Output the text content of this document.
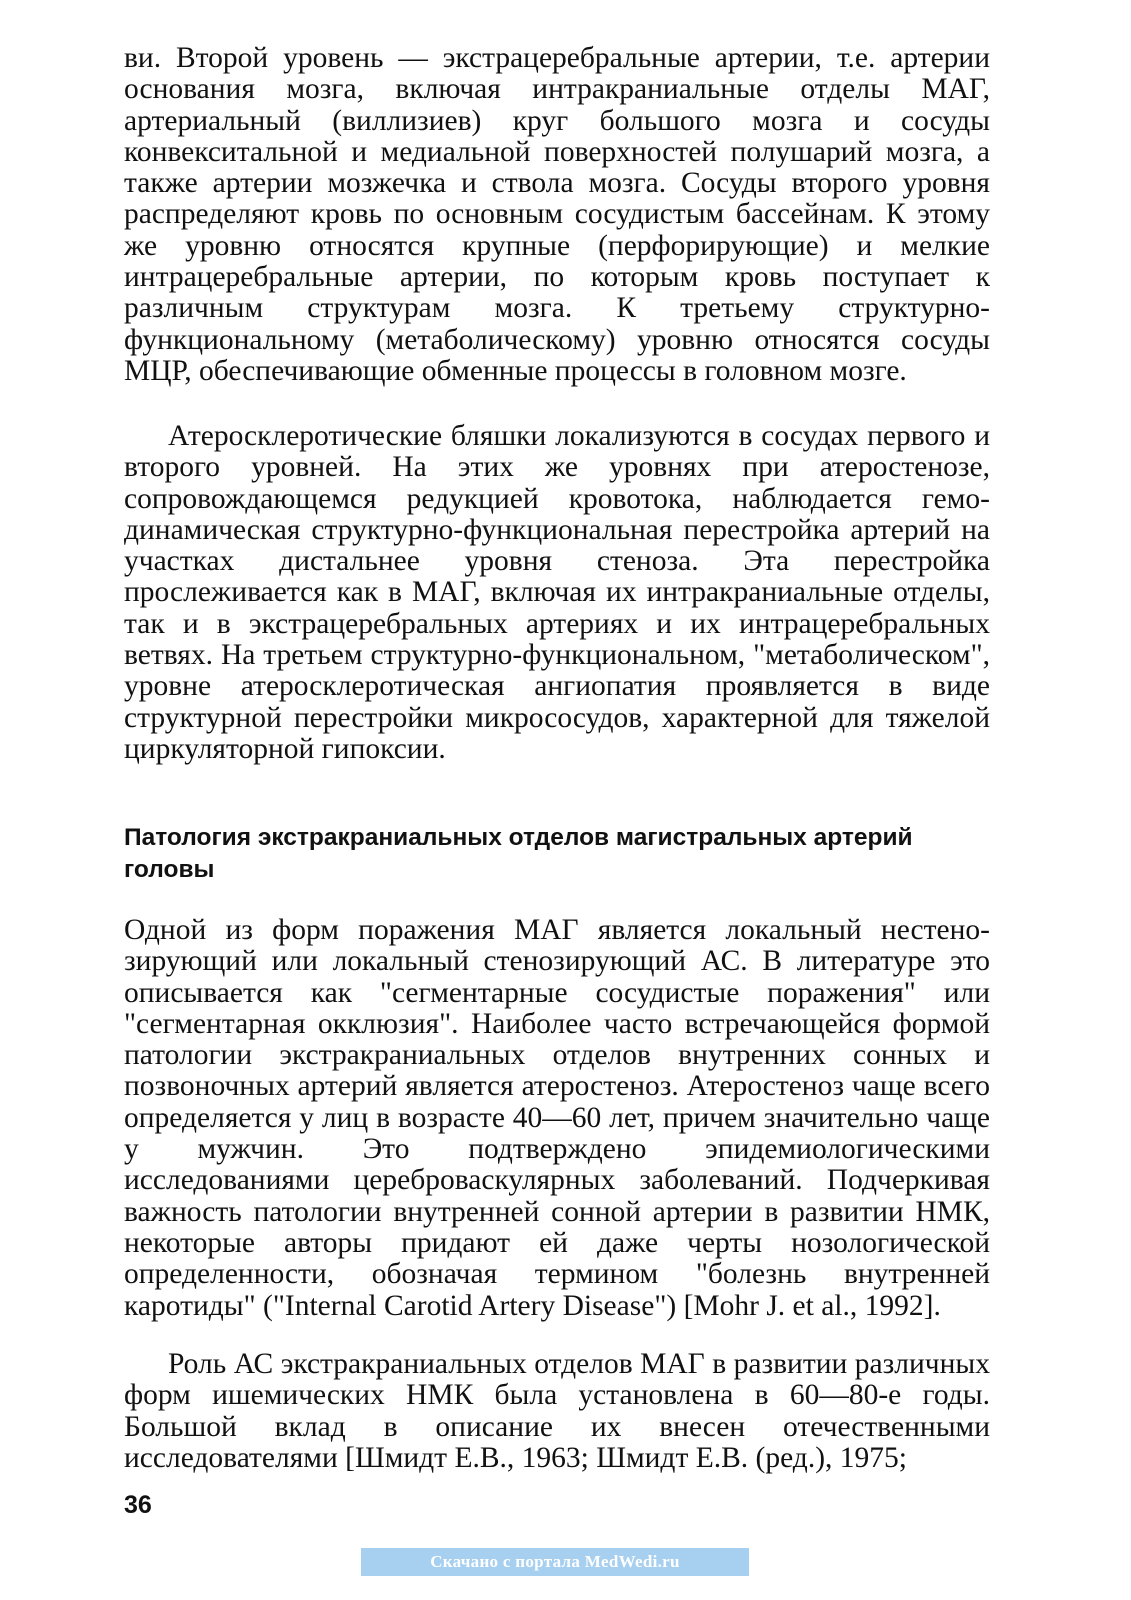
ви. Второй уровень — экстрацеребральные артерии, т.е. артерии основания мозга, включая интракраниальные отделы МАГ, артериальный (виллизиев) круг большого мозга и сосуды конвекситальной и медиальной поверхностей полушарий мозга, а также артерии мозжечка и ствола мозга. Сосуды второго уровня распределяют кровь по основным сосудистым бассейнам. К этому же уровню относятся крупные (перфорирующие) и мелкие интрацеребральные артерии, по которым кровь поступает к различным структурам мозга. К третьему структурно-функциональному (метаболическому) уровню относятся сосуды МЦР, обеспечивающие обменные процессы в головном мозге.

Атеросклеротические бляшки локализуются в сосудах первого и второго уровней. На этих же уровнях при атеростенозе, сопровождающемся редукцией кровотока, наблюдается гемодинамическая структурно-функциональная перестройка артерий на участках дистальнее уровня стеноза. Эта перестройка прослеживается как в МАГ, включая их интракраниальные отделы, так и в экстрацеребральных артериях и их интрацеребральных ветвях. На третьем структурно-функциональном, "метаболическом", уровне атеросклеротическая ангиопатия проявляется в виде структурной перестройки микрососудов, характерной для тяжелой циркуляторной гипоксии.

Патология экстракраниальных отделов магистральных артерий головы

Одной из форм поражения МАГ является локальный нестенозирующий или локальный стенозирующий АС. В литературе это описывается как "сегментарные сосудистые поражения" или "сегментарная окклюзия". Наиболее часто встречающейся формой патологии экстракраниальных отделов внутренних сонных и позвоночных артерий является атеростеноз. Атеростеноз чаще всего определяется у лиц в возрасте 40—60 лет, причем значительно чаще у мужчин. Это подтверждено эпидемиологическими исследованиями цереброваскулярных заболеваний. Подчеркивая важность патологии внутренней сонной артерии в развитии НМК, некоторые авторы придают ей даже черты нозологической определенности, обозначая термином "болезнь внутренней каротиды" ("Internal Carotid Artery Disease") [Mohr J. et al., 1992].

Роль АС экстракраниальных отделов МАГ в развитии различных форм ишемических НМК была установлена в 60—80-е годы. Большой вклад в описание их внесен отечественными исследователями [Шмидт Е.В., 1963; Шмидт Е.В. (ред.), 1975;

36
Скачано с портала MedWedi.ru
